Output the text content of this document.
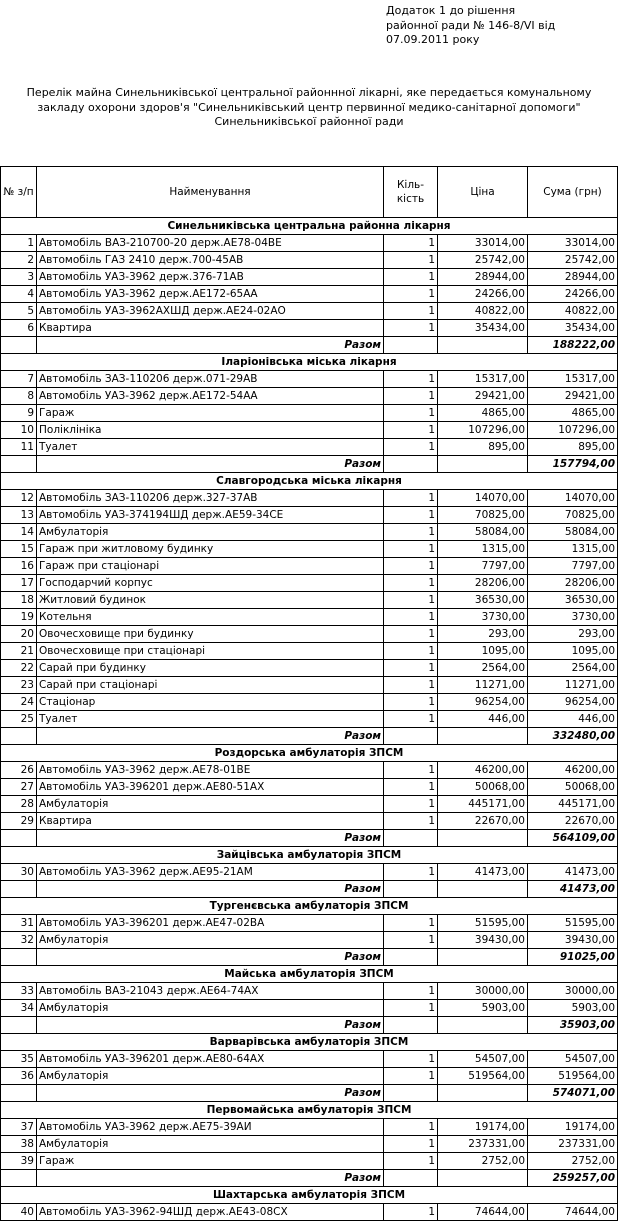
Додаток 1 до рішення
районної ради № 146-8/VI від
07.09.2011 року
Перелік майна Синельниківської центральної районнної лікарні, яке передається комунальному закладу охорони здоров'я "Синельниківський центр первинної медико-санітарної допомоги" Синельниківської районної ради
№ з/п	Найменування	Кіль-кість	Ціна	Сума (грн)
Синельниківська центральна районна лікарня				
1	Автомобіль ВАЗ-210700-20 держ.АЕ78-04ВЕ	1	33014,00	33014,00
2	Автомобіль ГАЗ 2410 держ.700-45АВ	1	25742,00	25742,00
3	Автомобіль УАЗ-3962 держ.376-71АВ	1	28944,00	28944,00
4	Автомобіль УАЗ-3962 держ.АЕ172-65АА	1	24266,00	24266,00
5	Автомобіль УАЗ-3962АХШД держ.АЕ24-02АО	1	40822,00	40822,00
6	Квартира	1	35434,00	35434,00
	Разом			188222,00
Іларіонівська міська лікарня				
7	Автомобіль ЗАЗ-110206 держ.071-29АВ	1	15317,00	15317,00
8	Автомобіль УАЗ-3962 держ.АЕ172-54АА	1	29421,00	29421,00
9	Гараж	1	4865,00	4865,00
10	Поліклініка	1	107296,00	107296,00
11	Туалет	1	895,00	895,00
	Разом			157794,00
Славгородська міська лікарня				
12	Автомобіль ЗАЗ-110206 держ.327-37АВ	1	14070,00	14070,00
13	Автомобіль УАЗ-374194ШД держ.АЕ59-34СЕ	1	70825,00	70825,00
14	Амбулаторія	1	58084,00	58084,00
15	Гараж при житловому будинку	1	1315,00	1315,00
16	Гараж при стаціонарі	1	7797,00	7797,00
17	Господарчий корпус	1	28206,00	28206,00
18	Житловий будинок	1	36530,00	36530,00
19	Котельня	1	3730,00	3730,00
20	Овочесховище при будинку	1	293,00	293,00
21	Овочесховище при стаціонарі	1	1095,00	1095,00
22	Сарай при будинку	1	2564,00	2564,00
23	Сарай при стаціонарі	1	11271,00	11271,00
24	Стаціонар	1	96254,00	96254,00
25	Туалет	1	446,00	446,00
	Разом			332480,00
Роздорська амбулаторія ЗПСМ				
26	Автомобіль УАЗ-3962 держ.АЕ78-01ВЕ	1	46200,00	46200,00
27	Автомобіль УАЗ-396201 держ.АЕ80-51АХ	1	50068,00	50068,00
28	Амбулаторія	1	445171,00	445171,00
29	Квартира	1	22670,00	22670,00
	Разом			564109,00
Зайцівська амбулаторія ЗПСМ				
30	Автомобіль УАЗ-3962 держ.АЕ95-21АМ	1	41473,00	41473,00
	Разом			41473,00
Тургенєвська амбулаторія ЗПСМ				
31	Автомобіль УАЗ-396201 держ.АЕ47-02ВА	1	51595,00	51595,00
32	Амбулаторія	1	39430,00	39430,00
	Разом			91025,00
Майська амбулаторія ЗПСМ				
33	Автомобіль ВАЗ-21043 держ.АЕ64-74АХ	1	30000,00	30000,00
34	Амбулаторія	1	5903,00	5903,00
	Разом			35903,00
Варварівська амбулаторія ЗПСМ				
35	Автомобіль УАЗ-396201 держ.АЕ80-64АХ	1	54507,00	54507,00
36	Амбулаторія	1	519564,00	519564,00
	Разом			574071,00
Первомайська амбулаторія ЗПСМ				
37	Автомобіль УАЗ-3962 держ.АЕ75-39АИ	1	19174,00	19174,00
38	Амбулаторія	1	237331,00	237331,00
39	Гараж	1	2752,00	2752,00
	Разом			259257,00
Шахтарська амбулаторія ЗПСМ				
40	Автомобіль УАЗ-3962-94ШД держ.АЕ43-08СХ	1	74644,00	74644,00
